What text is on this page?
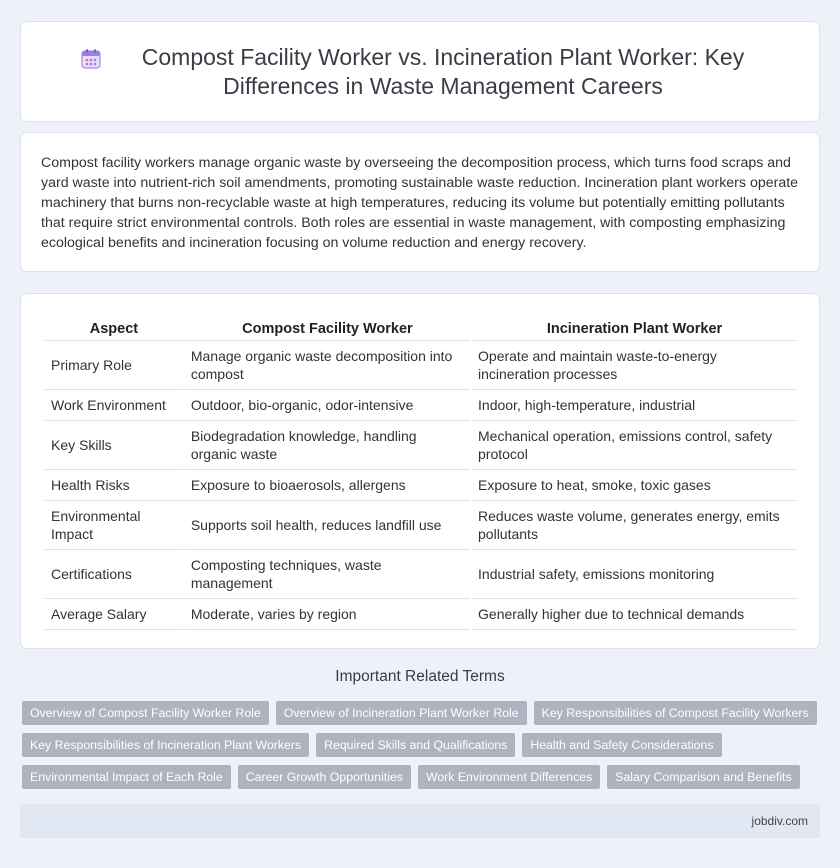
Compost Facility Worker vs. Incineration Plant Worker: Key Differences in Waste Management Careers

Compost facility workers manage organic waste by overseeing the decomposition process, which turns food scraps and yard waste into nutrient-rich soil amendments, promoting sustainable waste reduction. Incineration plant workers operate machinery that burns non-recyclable waste at high temperatures, reducing its volume but potentially emitting pollutants that require strict environmental controls. Both roles are essential in waste management, with composting emphasizing ecological benefits and incineration focusing on volume reduction and energy recovery.

Aspect	Compost Facility Worker	Incineration Plant Worker
Primary Role	Manage organic waste decomposition into compost	Operate and maintain waste-to-energy incineration processes
Work Environment	Outdoor, bio-organic, odor-intensive	Indoor, high-temperature, industrial
Key Skills	Biodegradation knowledge, handling organic waste	Mechanical operation, emissions control, safety protocol
Health Risks	Exposure to bioaerosols, allergens	Exposure to heat, smoke, toxic gases
Environmental Impact	Supports soil health, reduces landfill use	Reduces waste volume, generates energy, emits pollutants
Certifications	Composting techniques, waste management	Industrial safety, emissions monitoring
Average Salary	Moderate, varies by region	Generally higher due to technical demands
Important Related Terms
Overview of Compost Facility Worker Role	Overview of Incineration Plant Worker Role	Key Responsibilities of Compost Facility Workers
Key Responsibilities of Incineration Plant Workers	Required Skills and Qualifications	Health and Safety Considerations
Environmental Impact of Each Role	Career Growth Opportunities	Work Environment Differences	Salary Comparison and Benefits
jobdiv.com
